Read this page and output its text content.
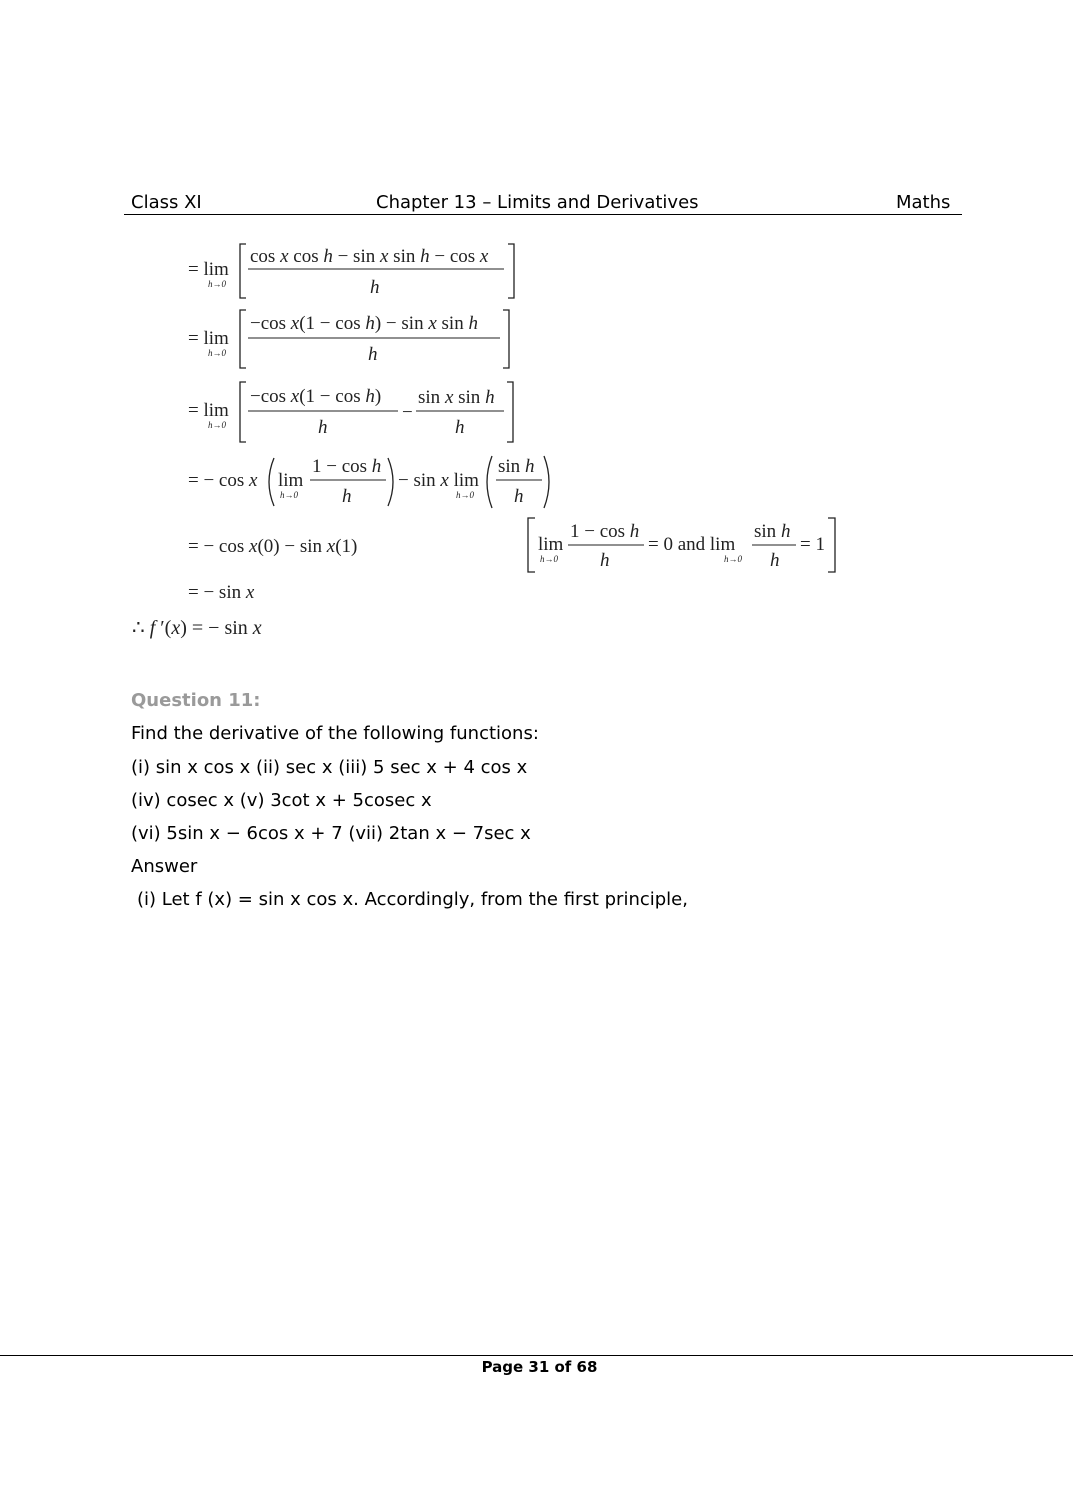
Class XI	Chapter 13 – Limits and Derivatives	Maths
= lim
h→0
cos x cos h − sin x sin h − cos x
h
= lim
h→0
−cos x(1 − cos h) − sin x sin h
h
= lim
h→0
−cos x(1 − cos h)
h
−
sin x sin h
h
= − cos x lim
h→0
1 − cos h
h
− sin x lim
h→0
sin h
h
= − cos x(0) − sin x(1)	lim
h→0
1 − cos h
h
= 0 and lim
h→0
sin h
h
= 1
= − sin x
∴ f ′(x) = − sin x
Question 11:
Find the derivative of the following functions:
(i) sin x cos x (ii) sec x (iii) 5 sec x + 4 cos x
(iv) cosec x (v) 3cot x + 5cosec x
(vi) 5sin x − 6cos x + 7 (vii) 2tan x − 7sec x
Answer
(i) Let f (x) = sin x cos x. Accordingly, from the first principle,
Page 31 of 68
